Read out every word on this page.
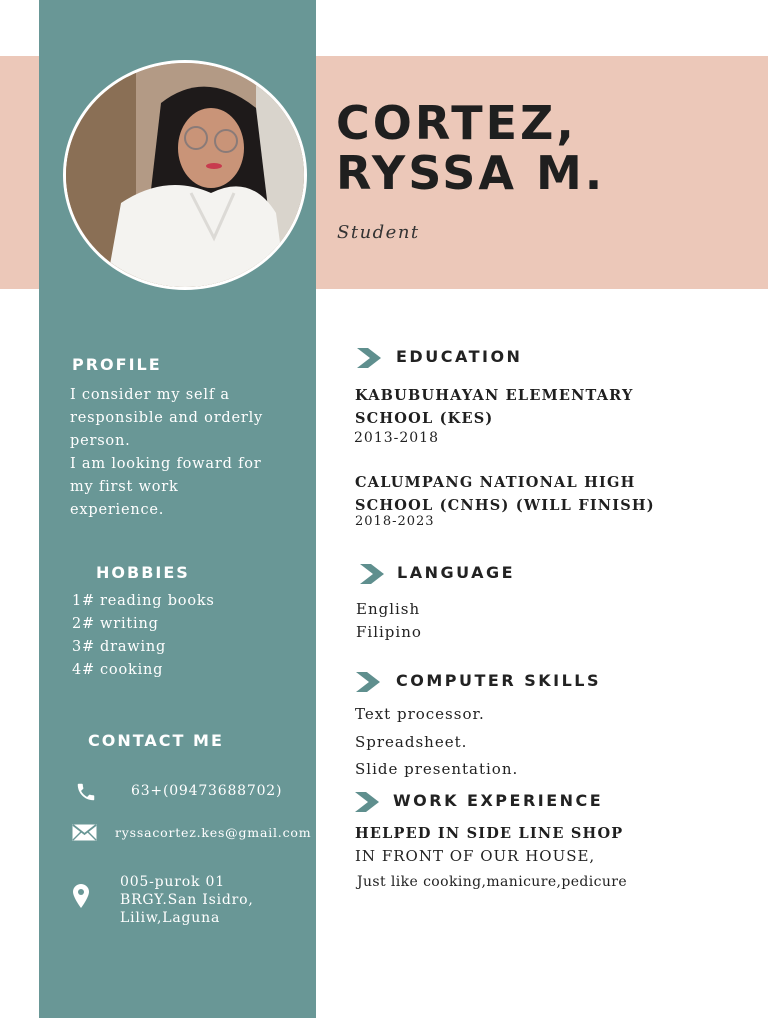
CORTEZ,
RYSSA M.
Student
PROFILE
I consider my self a
responsible and orderly
person.
I am looking foward for
my first work
experience.
HOBBIES
1# reading books
2# writing
3# drawing
4# cooking
CONTACT ME
63+(09473688702)
ryssacortez.kes@gmail.com
005-purok 01
BRGY.San Isidro,
Liliw,Laguna
EDUCATION
KABUBUHAYAN ELEMENTARY
SCHOOL (KES)
2013-2018
CALUMPANG NATIONAL HIGH
SCHOOL (CNHS) (WILL FINISH)
2018-2023
LANGUAGE
English
Filipino
COMPUTER SKILLS
Text processor.
Spreadsheet.
Slide presentation.
WORK EXPERIENCE
HELPED IN SIDE LINE SHOP
IN FRONT OF OUR HOUSE,
Just like cooking,manicure,pedicure
